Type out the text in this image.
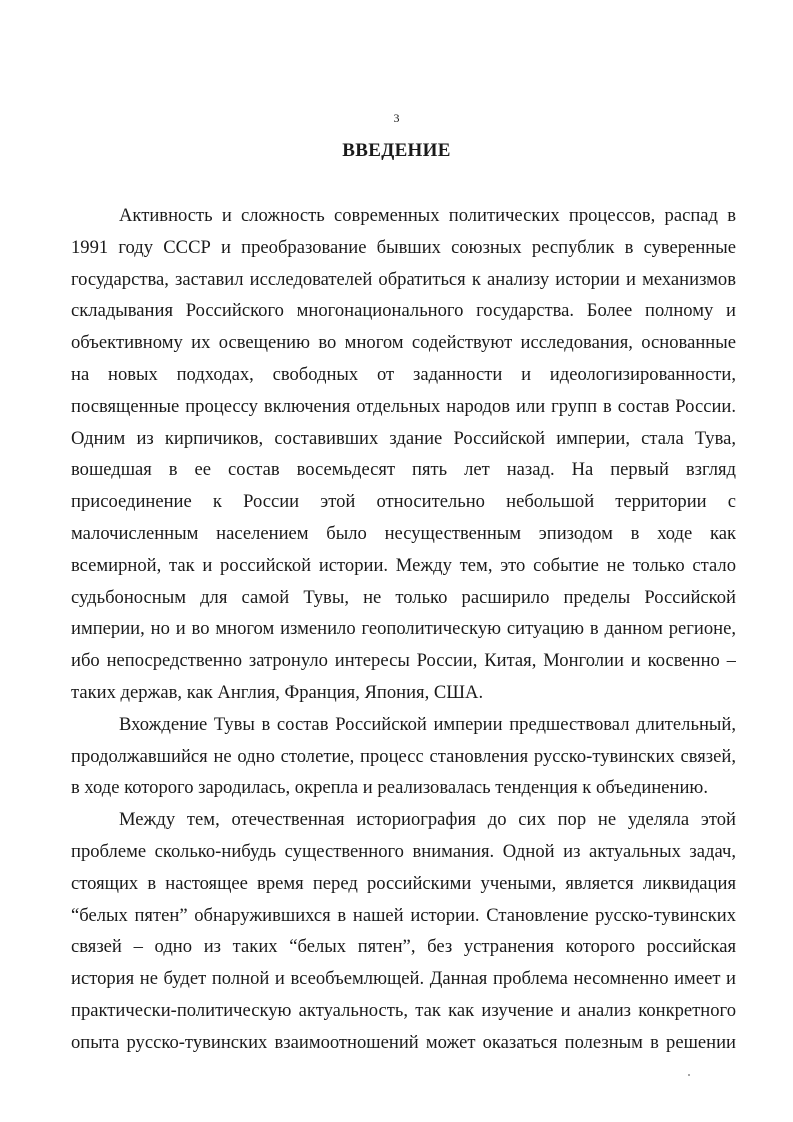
3
ВВЕДЕНИЕ
Активность и сложность современных политических процессов, распад в
1991 году СССР и преобразование бывших союзных республик в суверенные
государства, заставил исследователей обратиться к анализу истории и механизмов
складывания Российского многонационального государства. Более полному и
объективному их освещению во многом содействуют исследования, основанные
на новых подходах, свободных от заданности и идеологизированности,
посвященные процессу включения отдельных народов или групп в состав России.
Одним из кирпичиков, составивших здание Российской империи, стала Тува,
вошедшая в ее состав восемьдесят пять лет назад. На первый взгляд
присоединение к России этой относительно небольшой территории с
малочисленным населением было несущественным эпизодом в ходе как
всемирной, так и российской истории. Между тем, это событие не только стало
судьбоносным для самой Тувы, не только расширило пределы Российской
империи, но и во многом изменило геополитическую ситуацию в данном регионе,
ибо непосредственно затронуло интересы России, Китая, Монголии и косвенно –
таких держав, как Англия, Франция, Япония, США.
Вхождение Тувы в состав Российской империи предшествовал длительный,
продолжавшийся не одно столетие, процесс становления русско-тувинских связей,
в ходе которого зародилась, окрепла и реализовалась тенденция к объединению.
Между тем, отечественная историография до сих пор не уделяла этой
проблеме сколько-нибудь существенного внимания. Одной из актуальных задач,
стоящих в настоящее время перед российскими учеными, является ликвидация
“белых пятен” обнаружившихся в нашей истории. Становление русско-тувинских
связей – одно из таких “белых пятен”, без устранения которого российская
история не будет полной и всеобъемлющей. Данная проблема несомненно имеет и
практически-политическую актуальность, так как изучение и анализ конкретного
опыта русско-тувинских взаимоотношений может оказаться полезным в решении
